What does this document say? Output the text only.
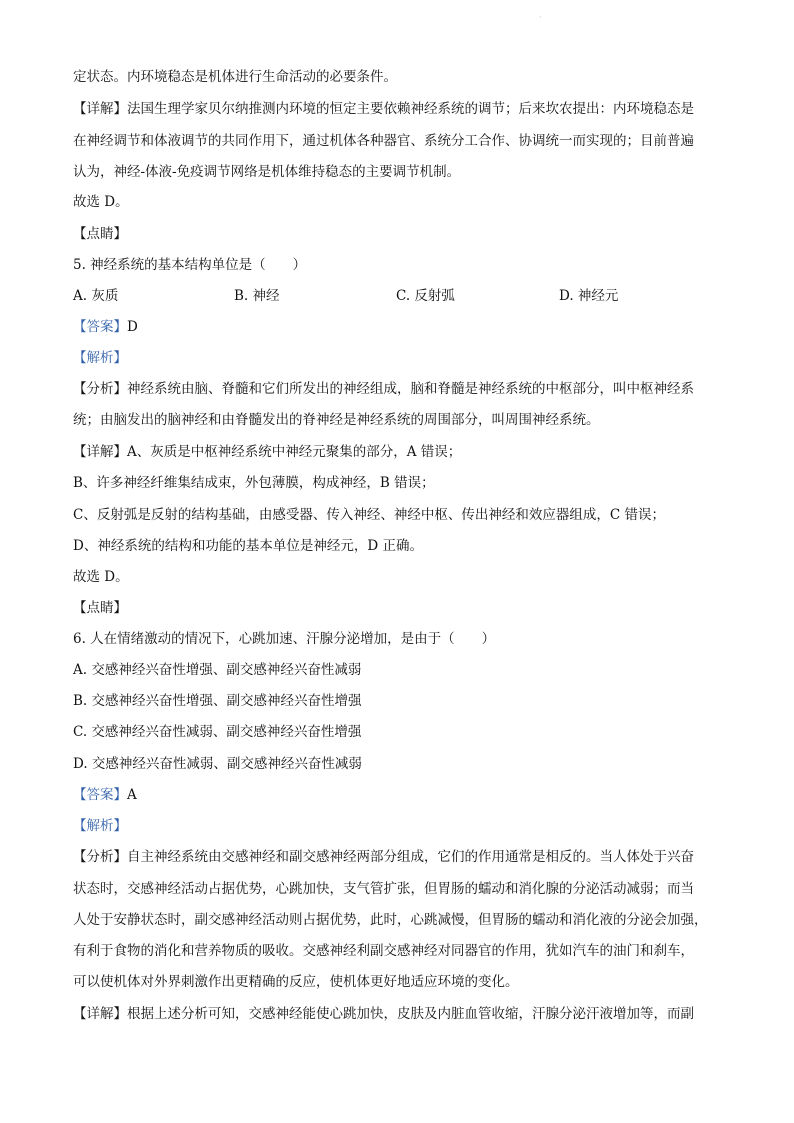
·
定状态。内环境稳态是机体进行生命活动的必要条件。
【详解】法国生理学家贝尔纳推测内环境的恒定主要依赖神经系统的调节；后来坎农提出：内环境稳态是
在神经调节和体液调节的共同作用下，通过机体各种器官、系统分工合作、协调统一而实现的；目前普遍
认为，神经-体液-免疫调节网络是机体维持稳态的主要调节机制。
故选 D。
【点睛】
5. 神经系统的基本结构单位是（　　）
A. 灰质	B. 神经	C. 反射弧	D. 神经元
【答案】D
【解析】
【分析】神经系统由脑、脊髓和它们所发出的神经组成，脑和脊髓是神经系统的中枢部分，叫中枢神经系
统；由脑发出的脑神经和由脊髓发出的脊神经是神经系统的周围部分，叫周围神经系统。
【详解】A、灰质是中枢神经系统中神经元聚集的部分，A 错误；
B、许多神经纤维集结成束，外包薄膜，构成神经，B 错误；
C、反射弧是反射的结构基础，由感受器、传入神经、神经中枢、传出神经和效应器组成，C 错误；
D、神经系统的结构和功能的基本单位是神经元，D 正确。
故选 D。
【点睛】
6. 人在情绪激动的情况下，心跳加速、汗腺分泌增加，是由于（　　）
A. 交感神经兴奋性增强、副交感神经兴奋性减弱
B. 交感神经兴奋性增强、副交感神经兴奋性增强
C. 交感神经兴奋性减弱、副交感神经兴奋性增强
D. 交感神经兴奋性减弱、副交感神经兴奋性减弱
【答案】A
【解析】
【分析】自主神经系统由交感神经和副交感神经两部分组成，它们的作用通常是相反的。当人体处于兴奋
状态时，交感神经活动占据优势，心跳加快，支气管扩张，但胃肠的蠕动和消化腺的分泌活动减弱；而当
人处于安静状态时，副交感神经活动则占据优势，此时，心跳减慢，但胃肠的蠕动和消化液的分泌会加强，
有利于食物的消化和营养物质的吸收。交感神经利副交感神经对同器官的作用，犹如汽车的油门和刹车，
可以使机体对外界刺激作出更精确的反应，使机体更好地适应环境的变化。
【详解】根据上述分析可知，交感神经能使心跳加快，皮肤及内脏血管收缩，汗腺分泌汗液增加等，而副
